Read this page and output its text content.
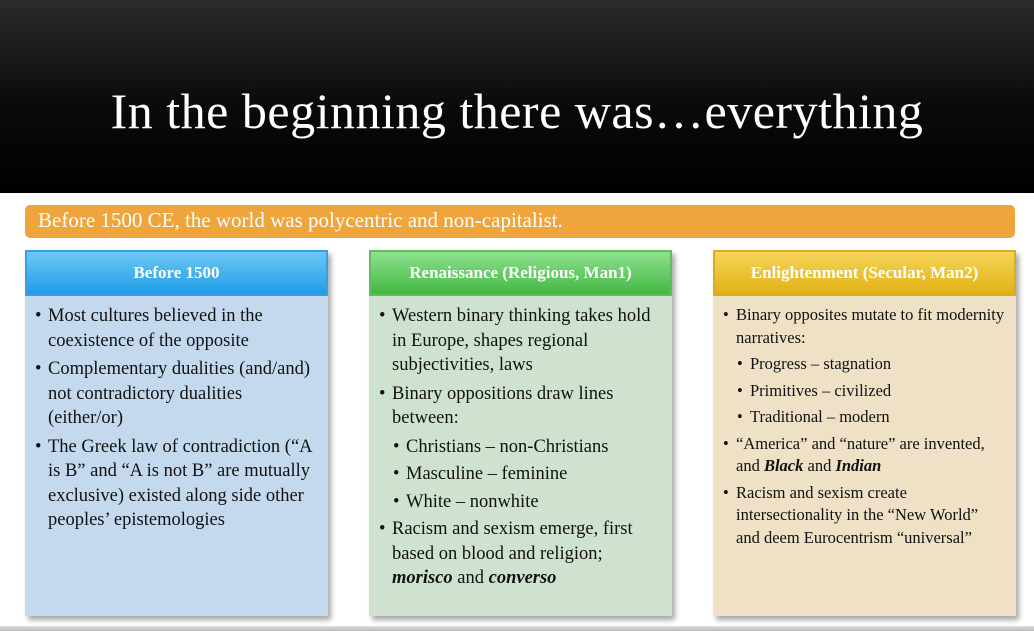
In the beginning there was…everything
Before 1500 CE, the world was polycentric and non-capitalist.
Before 1500
• Most cultures believed in the coexistence of the opposite
• Complementary dualities (and/and) not contradictory dualities (either/or)
• The Greek law of contradiction (“A is B” and “A is not B” are mutually exclusive) existed along side other peoples’ epistemologies
Renaissance (Religious, Man1)
• Western binary thinking takes hold in Europe, shapes regional subjectivities, laws
• Binary oppositions draw lines between:
• Christians – non-Christians
• Masculine – feminine
• White – nonwhite
• Racism and sexism emerge, first based on blood and religion; morisco and converso
Enlightenment (Secular, Man2)
• Binary opposites mutate to fit modernity narratives:
• Progress – stagnation
• Primitives – civilized
• Traditional – modern
• “America” and “nature” are invented, and Black and Indian
• Racism and sexism create intersectionality in the “New World” and deem Eurocentrism “universal”
